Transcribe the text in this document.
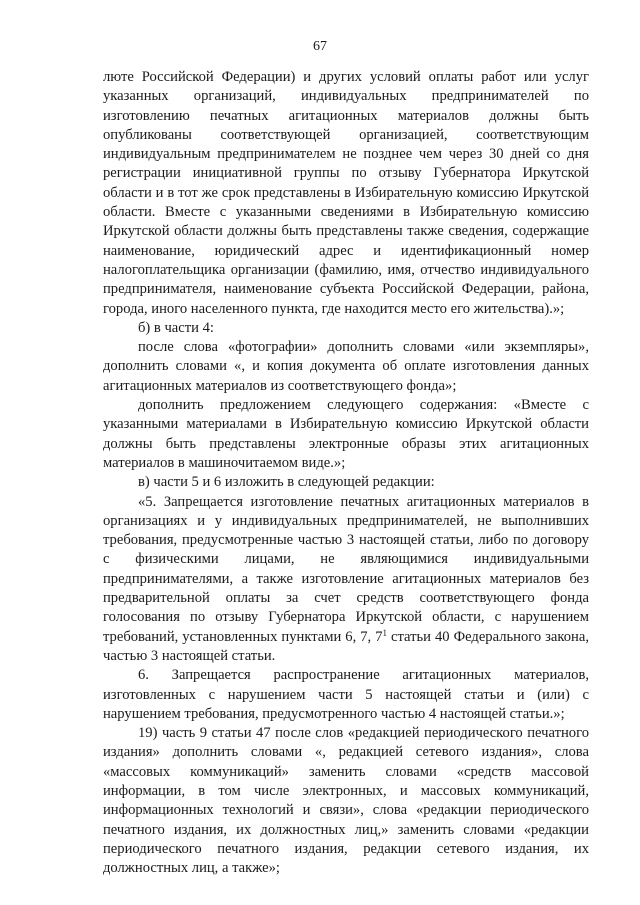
67

люте Российской Федерации) и других условий оплаты работ или услуг указанных организаций, индивидуальных предпринимателей по изготовлению печатных агитационных материалов должны быть опубликованы соответствующей организацией, соответствующим индивидуальным предпринимателем не позднее чем через 30 дней со дня регистрации инициативной группы по отзыву Губернатора Иркутской области и в тот же срок представлены в Избирательную комиссию Иркутской области. Вместе с указанными сведениями в Избирательную комиссию Иркутской области должны быть представлены также сведения, содержащие наименование, юридический адрес и идентификационный номер налогоплательщика организации (фамилию, имя, отчество индивидуального предпринимателя, наименование субъекта Российской Федерации, района, города, иного населенного пункта, где находится место его жительства).»;

б) в части 4:

после слова «фотографии» дополнить словами «или экземпляры», дополнить словами «, и копия документа об оплате изготовления данных агитационных материалов из соответствующего фонда»;

дополнить предложением следующего содержания: «Вместе с указанными материалами в Избирательную комиссию Иркутской области должны быть представлены электронные образы этих агитационных материалов в машиночитаемом виде.»;

в) части 5 и 6 изложить в следующей редакции:

«5. Запрещается изготовление печатных агитационных материалов в организациях и у индивидуальных предпринимателей, не выполнивших требования, предусмотренные частью 3 настоящей статьи, либо по договору с физическими лицами, не являющимися индивидуальными предпринимателями, а также изготовление агитационных материалов без предварительной оплаты за счет средств соответствующего фонда голосования по отзыву Губернатора Иркутской области, с нарушением требований, установленных пунктами 6, 7, $7^1$ статьи 40 Федерального закона, частью 3 настоящей статьи.

6. Запрещается распространение агитационных материалов, изготовленных с нарушением части 5 настоящей статьи и (или) с нарушением требования, предусмотренного частью 4 настоящей статьи.»;

19) часть 9 статьи 47 после слов «редакцией периодического печатного издания» дополнить словами «, редакцией сетевого издания», слова «массовых коммуникаций» заменить словами «средств массовой информации, в том числе электронных, и массовых коммуникаций, информационных технологий и связи», слова «редакции периодического печатного издания, их должностных лиц,» заменить словами «редакции периодического печатного издания, редакции сетевого издания, их должностных лиц, а также»;
